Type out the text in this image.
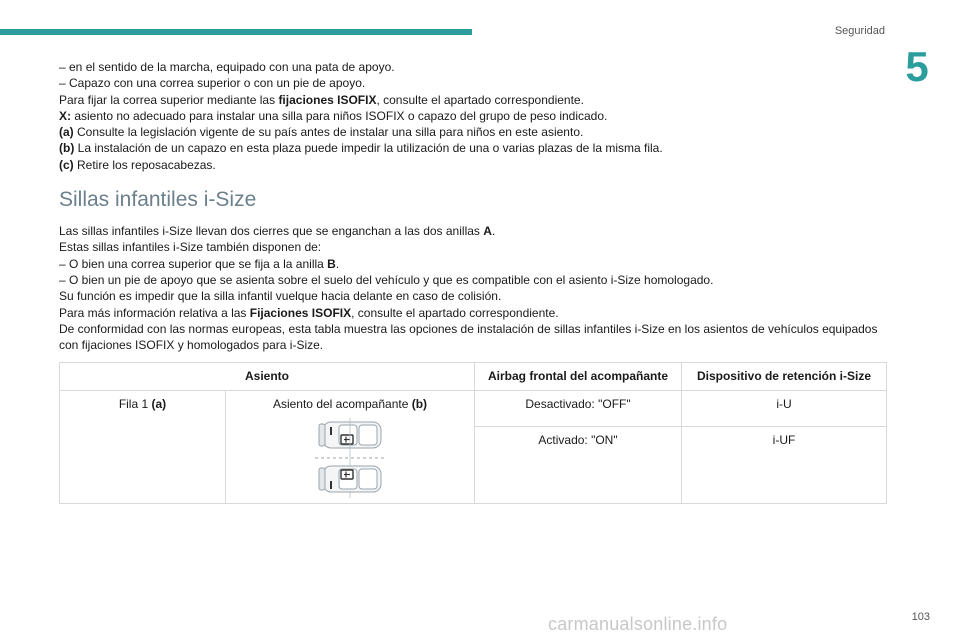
Seguridad
5

– en el sentido de la marcha, equipado con una pata de apoyo.

– Capazo con una correa superior o con un pie de apoyo.

Para fijar la correa superior mediante las fijaciones ISOFIX, consulte el apartado correspondiente.

X: asiento no adecuado para instalar una silla para niños ISOFIX o capazo del grupo de peso indicado.

(a) Consulte la legislación vigente de su país antes de instalar una silla para niños en este asiento.

(b) La instalación de un capazo en esta plaza puede impedir la utilización de una o varias plazas de la misma fila.

(c) Retire los reposacabezas.

Sillas infantiles i-Size

Las sillas infantiles i-Size llevan dos cierres que se enganchan a las dos anillas A.

Estas sillas infantiles i-Size también disponen de:

– O bien una correa superior que se fija a la anilla B.

– O bien un pie de apoyo que se asienta sobre el suelo del vehículo y que es compatible con el asiento i-Size homologado.

Su función es impedir que la silla infantil vuelque hacia delante en caso de colisión.

Para más información relativa a las Fijaciones ISOFIX, consulte el apartado correspondiente.

De conformidad con las normas europeas, esta tabla muestra las opciones de instalación de sillas infantiles i-Size en los asientos de vehículos equipados con fijaciones ISOFIX y homologados para i-Size.

Asiento		Airbag frontal del acompañante	Dispositivo de retención i-Size
Fila 1 (a)	Asiento del acompañante (b)	Desactivado: "OFF"	i-U
		Activado: "ON"	i-UF
carmanualsonline.info	103
